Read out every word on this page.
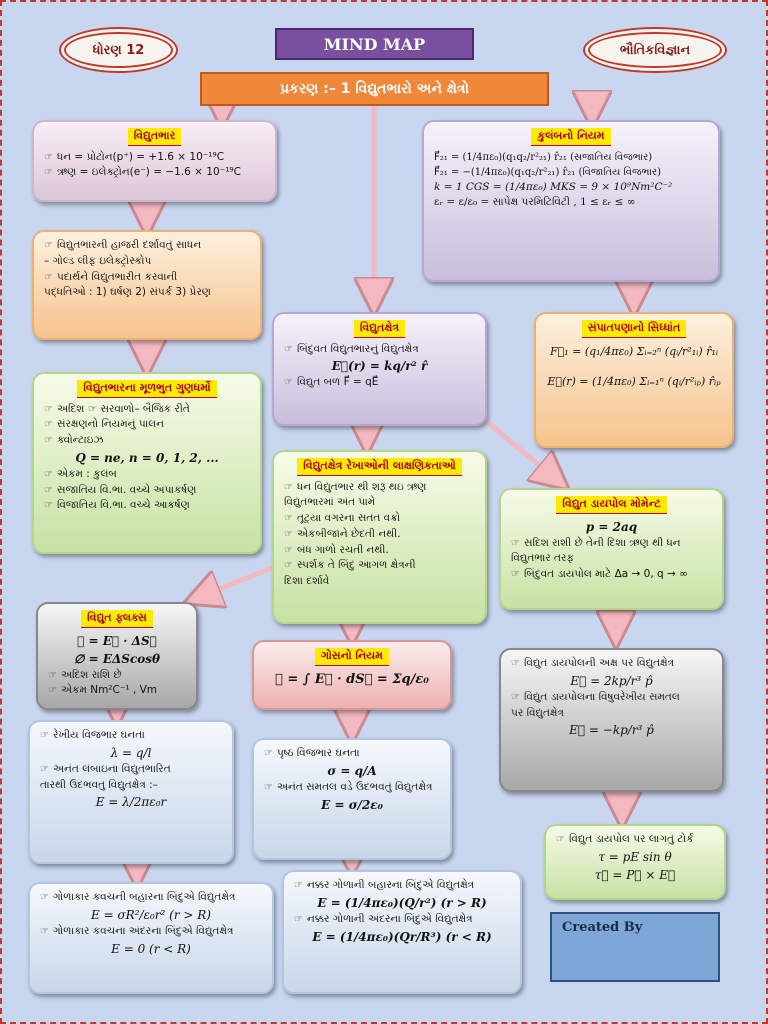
ધોરણ 12	MIND MAP	ભૌતિકવિજ્ઞાન
પ્રકરણ :– 1 વિદ્યુતભારો અને ક્ષેત્રો
વિદ્યુતભાર
☞ ધન = પ્રોટોન(p⁺) = +1.6 × 10⁻¹⁹C
☞ ઋણ = ઇલેક્ટ્રોન(e⁻) = −1.6 × 10⁻¹⁹C
કુલંબનો નિયમ
F⃗₂₁ = (1/4πε₀)(q₁q₂/r²₂₁) r̂₂₁ (સજાતિય વિજભાર)
F⃗₂₁ = −(1/4πε₀)(q₁q₂/r²₂₁) r̂₂₁ (વિજાતિય વિજભાર)
k = 1 CGS = (1/4πε₀) MKS = 9 × 10⁹Nm²C⁻²
εᵣ = ε/ε₀ = સાપેક્ષ પરમિટિવિટી , 1 ≤ εᵣ ≤ ∞
☞ વિદ્યુતભારની હાજરી દર્શાવતું સાધન
– ગોલ્ડ લીફ ઇલેક્ટ્રોસ્કોપ
☞ પદાર્થને વિદ્યુતભારીત કરવાની
પદ્ધતિઓ : 1) ઘર્ષણ 2) સંપર્ક 3) પ્રેરણ
વિદ્યુતક્ષેત્ર
☞ બિંદુવત વિદ્યુતભારનું વિદ્યુતક્ષેત્ર
E⃗(r) = kq/r² r̂
☞ વિદ્યુત બળ F⃗ = qE⃗
સંપાતપણાનો સિધ્ધાંત
F⃗₁ = (q₁/4πε₀) Σᵢ₌₂ⁿ (qᵢ/r²₁ᵢ) r̂₁ᵢ
E⃗(r) = (1/4πε₀) Σᵢ₌₁ⁿ (qᵢ/r²ᵢₚ) r̂ᵢₚ
વિદ્યુતભારના મૂળભુત ગુણધર્મો
☞ અદિશ ☞ સરવાળો– બૈજિક રીતે
☞ સંરક્ષણનો નિયમનું પાલન
☞ ક્વોન્ટાઇઝ
Q = ne, n = 0, 1, 2, ...
☞ એકમ : કુલંબ
☞ સજાતિય વિ.ભા. વચ્ચે અપાકર્ષણ
☞ વિજાતિય વિ.ભા. વચ્ચે આકર્ષણ
વિદ્યુતક્ષેત્ર રેખાઓની લાક્ષણિકતાઓ
☞ ધન વિદ્યુતભાર થી શરૂ થઇ ઋણ
વિદ્યુતભારમાં અંત પામે
☞ તૂટ્યા વગરના સતત વક્રો
☞ એકબીજાને છેદતી નથી.
☞ બંધ ગાળો રચતી નથી.
☞ સ્પર્શક તે બિંદુ આગળ ક્ષેત્રની
દિશા દર્શાવે
વિદ્યુત ડાયપોલ મોમેન્ટ
p = 2aq
☞ સદિશ રાશી છે તેની દિશા ઋણ થી ધન
વિદ્યુતભાર તરફ
☞ બિંદુવત ડાયપોલ માટે Δa → 0, q → ∞
વિદ્યુત ફ્લક્સ
∅ = E⃗ · ΔS⃗
∅ = EΔScosθ
☞ અદિશ રાશિ છે
☞ એકમ Nm²C⁻¹ , Vm
ગોસનો નિયમ
∅ = ∫ E⃗ · dS⃗ = Σq/ε₀
☞ વિદ્યુત ડાયપોલની અક્ષ પર વિદ્યુતક્ષેત્ર
E⃗ = 2kp/r³ p̂
☞ વિદ્યુત ડાયપોલના વિષુવરેખીય સમતલ
પર વિદ્યુતક્ષેત્ર
E⃗ = −kp/r³ p̂
☞ રેખીય વિજભાર ઘનતા
λ = q/l
☞ અનંત લંબાઇના વિદ્યુતભારિત
તારથી ઉદભવતુ વિદ્યુતક્ષેત્ર :–
E = λ/2πε₀r
☞ પૃષ્ઠ વિજભાર ઘનતા
σ = q/A
☞ અનંત સમતલ વડે ઉદભવતું વિદ્યુતક્ષેત્ર
E = σ/2ε₀
☞ વિદ્યુત ડાયપોલ પર લાગતું ટોર્ક
τ = pE sin θ
τ⃗ = P⃗ × E⃗
☞ ગોળાકાર કવચની બહારના બિંદુએ વિદ્યુતક્ષેત્ર
E = σR²/ε₀r² (r > R)
☞ ગોળાકાર કવચના અંદરના બિંદુએ વિદ્યુતક્ષેત્ર
E = 0 (r < R)
☞ નક્કર ગોળાની બહારના બિંદુએ વિદ્યુતક્ષેત્ર
E = (1/4πε₀)(Q/r²) (r > R)
☞ નક્કર ગોળાની અંદરના બિંદુએ વિદ્યુતક્ષેત્ર
E = (1/4πε₀)(Qr/R³) (r < R)
Created By
